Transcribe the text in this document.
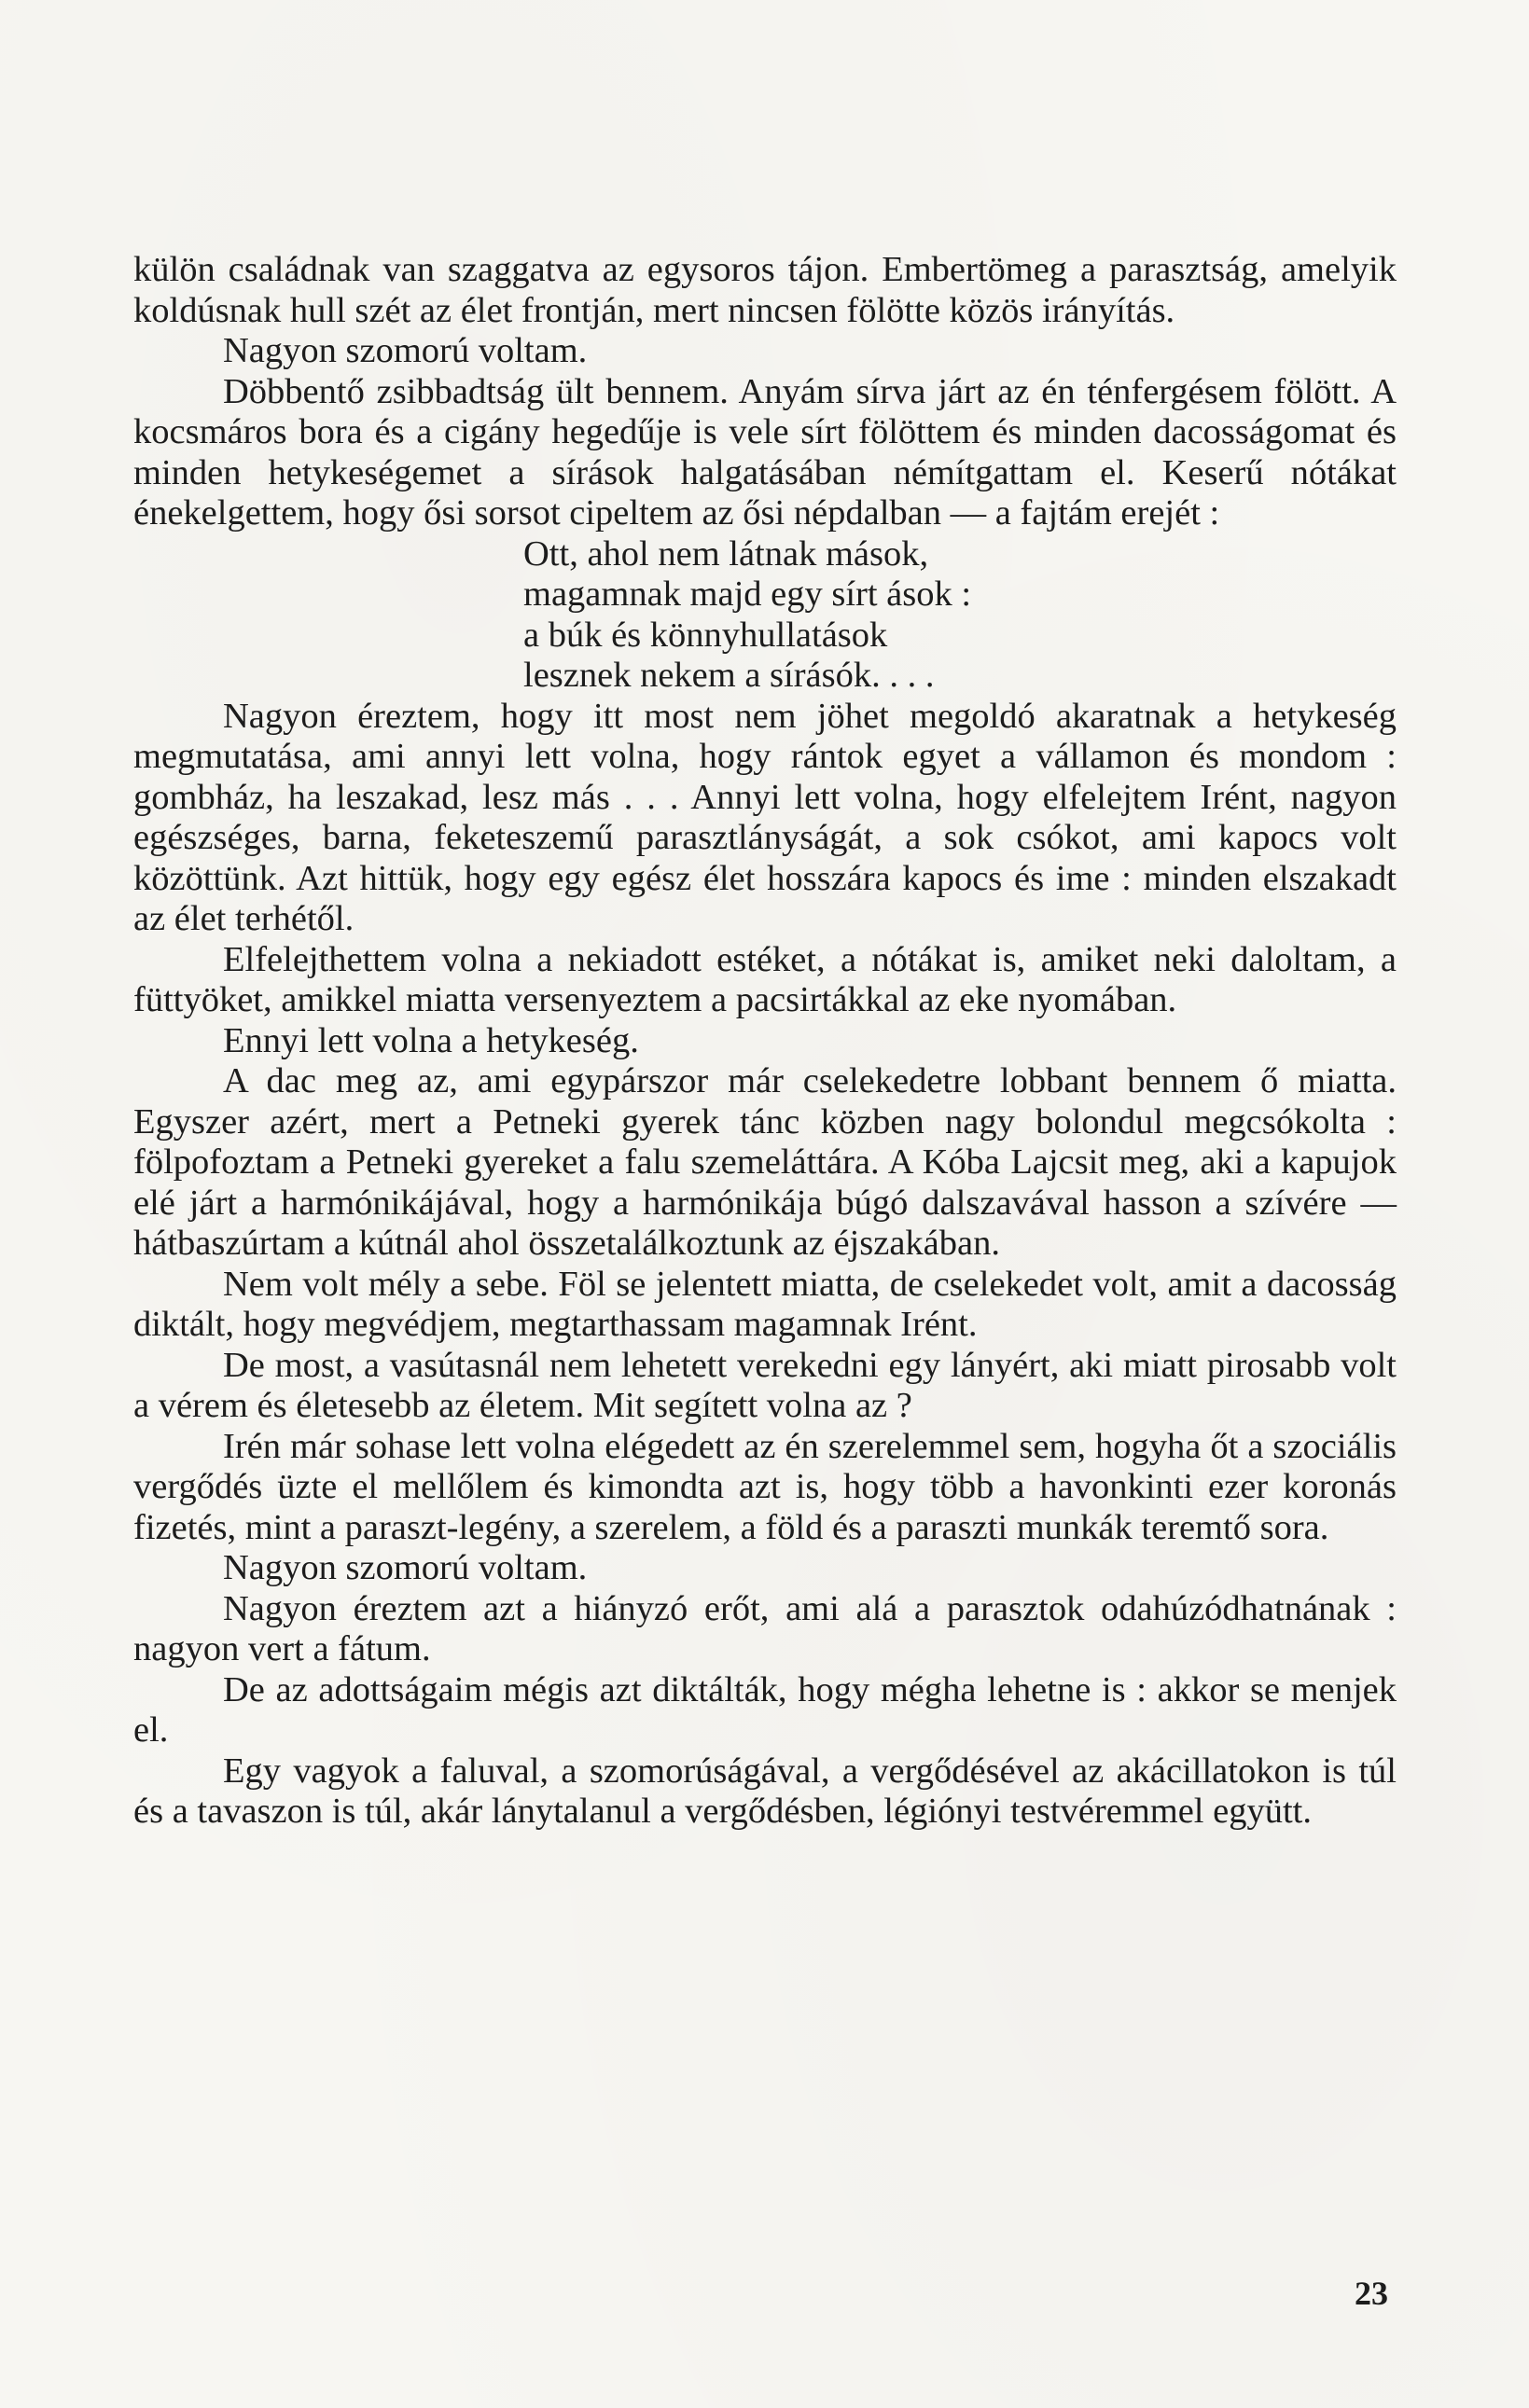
külön családnak van szaggatva az egysoros tájon. Embertömeg a parasztság, amelyik koldúsnak hull szét az élet frontján, mert nincsen fölötte közös irányítás.

Nagyon szomorú voltam.

Döbbentő zsibbadtság ült bennem. Anyám sírva járt az én ténfergésem fölött. A kocsmáros bora és a cigány hegedűje is vele sírt fölöttem és minden dacosságomat és minden hetykeségemet a sírások halgatásában némítgattam el. Keserű nótákat énekelgettem, hogy ősi sorsot cipeltem az ősi népdalban — a fajtám erejét :

Ott, ahol nem látnak mások,
magamnak majd egy sírt ások :
a búk és könnyhullatások
lesznek nekem a sírásók. . . .

Nagyon éreztem, hogy itt most nem jöhet megoldó akaratnak a hetykeség megmutatása, ami annyi lett volna, hogy rántok egyet a vállamon és mondom : gombház, ha leszakad, lesz más . . . Annyi lett volna, hogy elfelejtem Irént, nagyon egészséges, barna, feketeszemű parasztlányságát, a sok csókot, ami kapocs volt közöttünk. Azt hittük, hogy egy egész élet hosszára kapocs és ime : minden elszakadt az élet terhétől.

Elfelejthettem volna a nekiadott estéket, a nótákat is, amiket neki daloltam, a füttyöket, amikkel miatta versenyeztem a pacsirtákkal az eke nyomában.

Ennyi lett volna a hetykeség.

A dac meg az, ami egypárszor már cselekedetre lobbant bennem ő miatta. Egyszer azért, mert a Petneki gyerek tánc közben nagy bolondul megcsókolta : fölpofoztam a Petneki gyereket a falu szemeláttára. A Kóba Lajcsit meg, aki a kapujok elé járt a harmónikájával, hogy a harmónikája búgó dalszavával hasson a szívére — hátbaszúrtam a kútnál ahol összetalálkoztunk az éjszakában.

Nem volt mély a sebe. Föl se jelentett miatta, de cselekedet volt, amit a dacosság diktált, hogy megvédjem, megtarthassam magamnak Irént.

De most, a vasútasnál nem lehetett verekedni egy lányért, aki miatt pirosabb volt a vérem és életesebb az életem. Mit segített volna az ?

Irén már sohase lett volna elégedett az én szerelemmel sem, hogyha őt a szociális vergődés üzte el mellőlem és kimondta azt is, hogy több a havonkinti ezer koronás fizetés, mint a paraszt-legény, a szerelem, a föld és a paraszti munkák teremtő sora.

Nagyon szomorú voltam.

Nagyon éreztem azt a hiányzó erőt, ami alá a parasztok odahúzódhatnának : nagyon vert a fátum.

De az adottságaim mégis azt diktálták, hogy mégha lehetne is : akkor se menjek el.

Egy vagyok a faluval, a szomorúságával, a vergődésével az akácillatokon is túl és a tavaszon is túl, akár lánytalanul a vergődésben, légiónyi testvéremmel együtt.

23
